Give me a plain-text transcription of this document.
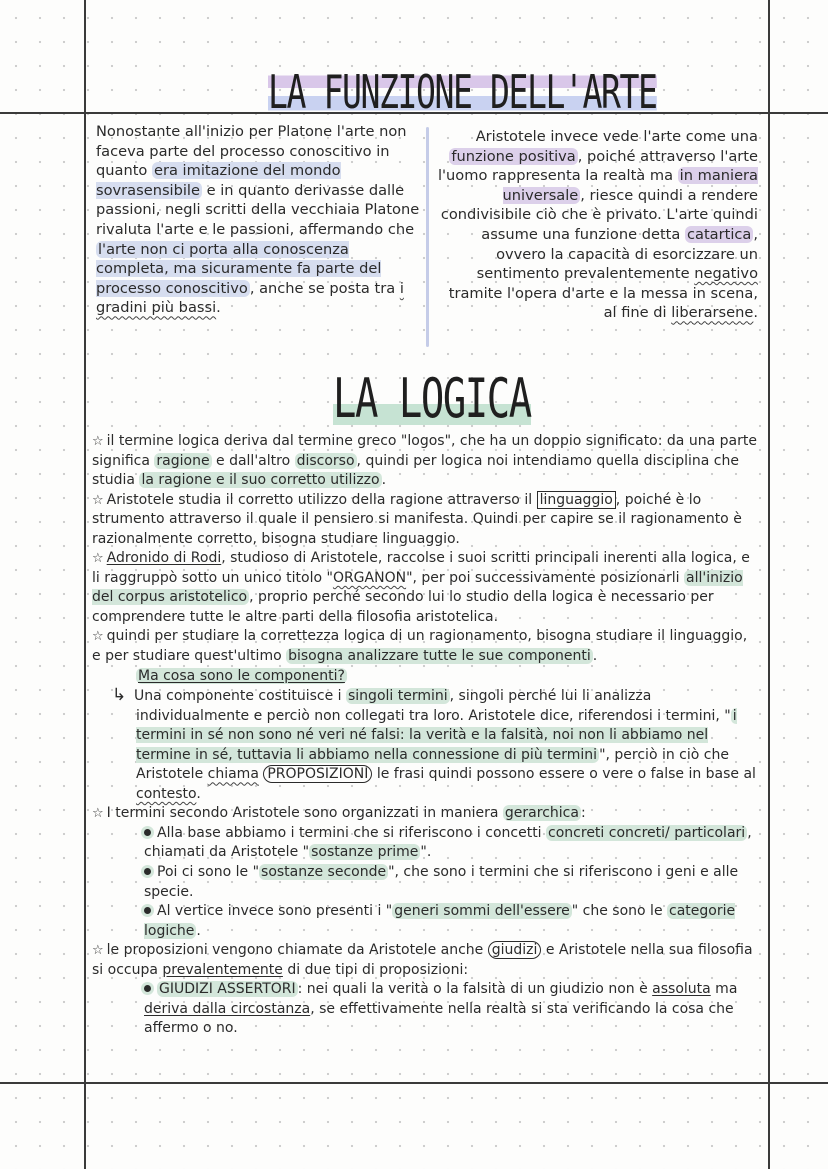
LA FUNZIONE DELL'ARTE

Nonostante all'inizio per Platone l'arte non faceva parte del processo conoscitivo in quanto era imitazione del mondo sovrasensibile e in quanto derivasse dalle passioni, negli scritti della vecchiaia Platone rivaluta l'arte e le passioni, affermando che l'arte non ci porta alla conoscenza completa, ma sicuramente fa parte del processo conoscitivo , anche se posta tra i gradini più bassi.

Aristotele invece vede l'arte come una funzione positiva , poiché attraverso l'arte l'uomo rappresenta la realtà ma in maniera universale , riesce quindi a rendere condivisibile ciò che è privato. L'arte quindi assume una funzione detta catartica , ovvero la capacità di esorcizzare un sentimento prevalentemente negativo tramite l'opera d'arte e la messa in scena, al fine di liberarsene.

LA LOGICA

☆ il termine logica deriva dal termine greco "logos", che ha un doppio significato: da una parte significa ragione e dall'altro discorso , quindi per logica noi intendiamo quella disciplina che studia la ragione e il suo corretto utilizzo .

☆ Aristotele studia il corretto utilizzo della ragione attraverso il linguaggio , poiché è lo strumento attraverso il quale il pensiero si manifesta. Quindi per capire se il ragionamento è razionalmente corretto, bisogna studiare linguaggio.

☆ Adronido di Rodi, studioso di Aristotele, raccolse i suoi scritti principali inerenti alla logica, e li raggruppò sotto un unico titolo "ORGANON", per poi successivamente posizionarli all'inizio del corpus aristotelico , proprio perché secondo lui lo studio della logica è necessario per comprendere tutte le altre parti della filosofia aristotelica.

☆ quindi per studiare la correttezza logica di un ragionamento, bisogna studiare il linguaggio, e per studiare quest'ultimo bisogna analizzare tutte le sue componenti .

Ma cosa sono le componenti?

↳ Una componente costituisce i singoli termini , singoli perché lui li analizza individualmente e perciò non collegati tra loro. Aristotele dice, riferendosi i termini, " i termini in sé non sono né veri né falsi: la verità e la falsità, noi non li abbiamo nel termine in sé, tuttavia li abbiamo nella connessione di più termini ", perciò in ciò che Aristotele chiama PROPOSIZIONI le frasi quindi possono essere o vere o false in base al contesto.

☆ I termini secondo Aristotele sono organizzati in maniera gerarchica :

Alla base abbiamo i termini che si riferiscono i concetti concreti concreti/ particolari , chiamati da Aristotele " sostanze prime ".

Poi ci sono le " sostanze seconde ", che sono i termini che si riferiscono i geni e alle specie.

Al vertice invece sono presenti i " generi sommi dell'essere " che sono le categorie logiche .

☆ le proposizioni vengono chiamate da Aristotele anche giudizi e Aristotele nella sua filosofia si occupa prevalentemente di due tipi di proposizioni:

GIUDIZI ASSERTORI : nei quali la verità o la falsità di un giudizio non è assoluta ma deriva dalla circostanza, se effettivamente nella realtà si sta verificando la cosa che affermo o no.
